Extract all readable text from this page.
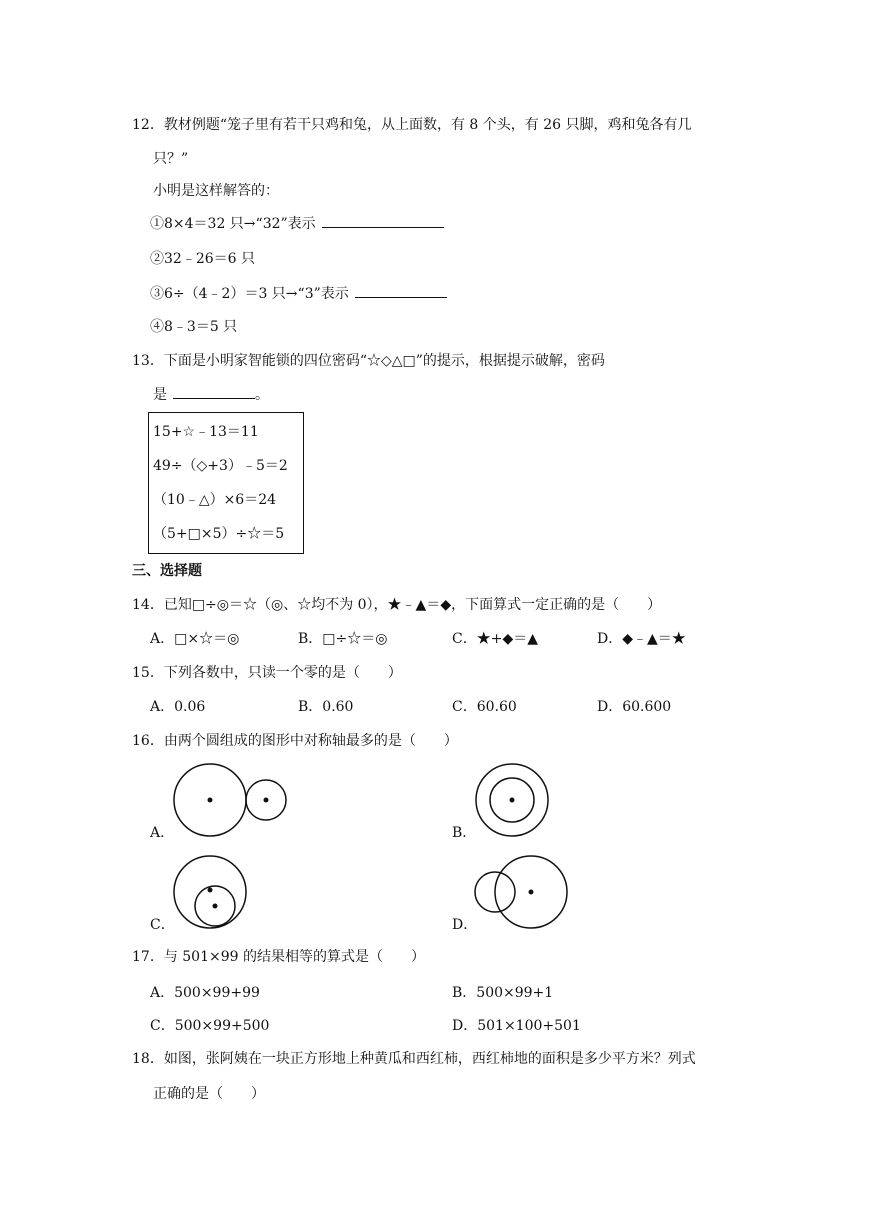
12．教材例题“笼子里有若干只鸡和兔，从上面数，有 8 个头，有 26 只脚，鸡和兔各有几
只？”
小明是这样解答的：
①8×4＝32 只→“32”表示
②32﹣26＝6 只
③6÷（4﹣2）＝3 只→“3”表示
④8﹣3＝5 只
13．下面是小明家智能锁的四位密码“☆◇△□”的提示，根据提示破解，密码
是	。
15+☆﹣13＝11
49÷（◇+3）﹣5＝2
（10﹣△）×6＝24
（5+□×5）÷☆＝5
三、选择题
14．已知□÷◎＝☆（◎、☆均不为 0），★﹣▲＝◆，下面算式一定正确的是（　　）
A．□×☆＝◎	B．□÷☆＝◎	C．★+◆＝▲	D．◆﹣▲＝★
15．下列各数中，只读一个零的是（　　）
A．0.06	B．0.60	C．60.60	D．60.600
16．由两个圆组成的图形中对称轴最多的是（　　）
A．	B．
C．	D．
17．与 501×99 的结果相等的算式是（　　）
A．500×99+99	B．500×99+1
C．500×99+500	D．501×100+501
18．如图，张阿姨在一块正方形地上种黄瓜和西红柿，西红柿地的面积是多少平方米？列式
正确的是（　　）
